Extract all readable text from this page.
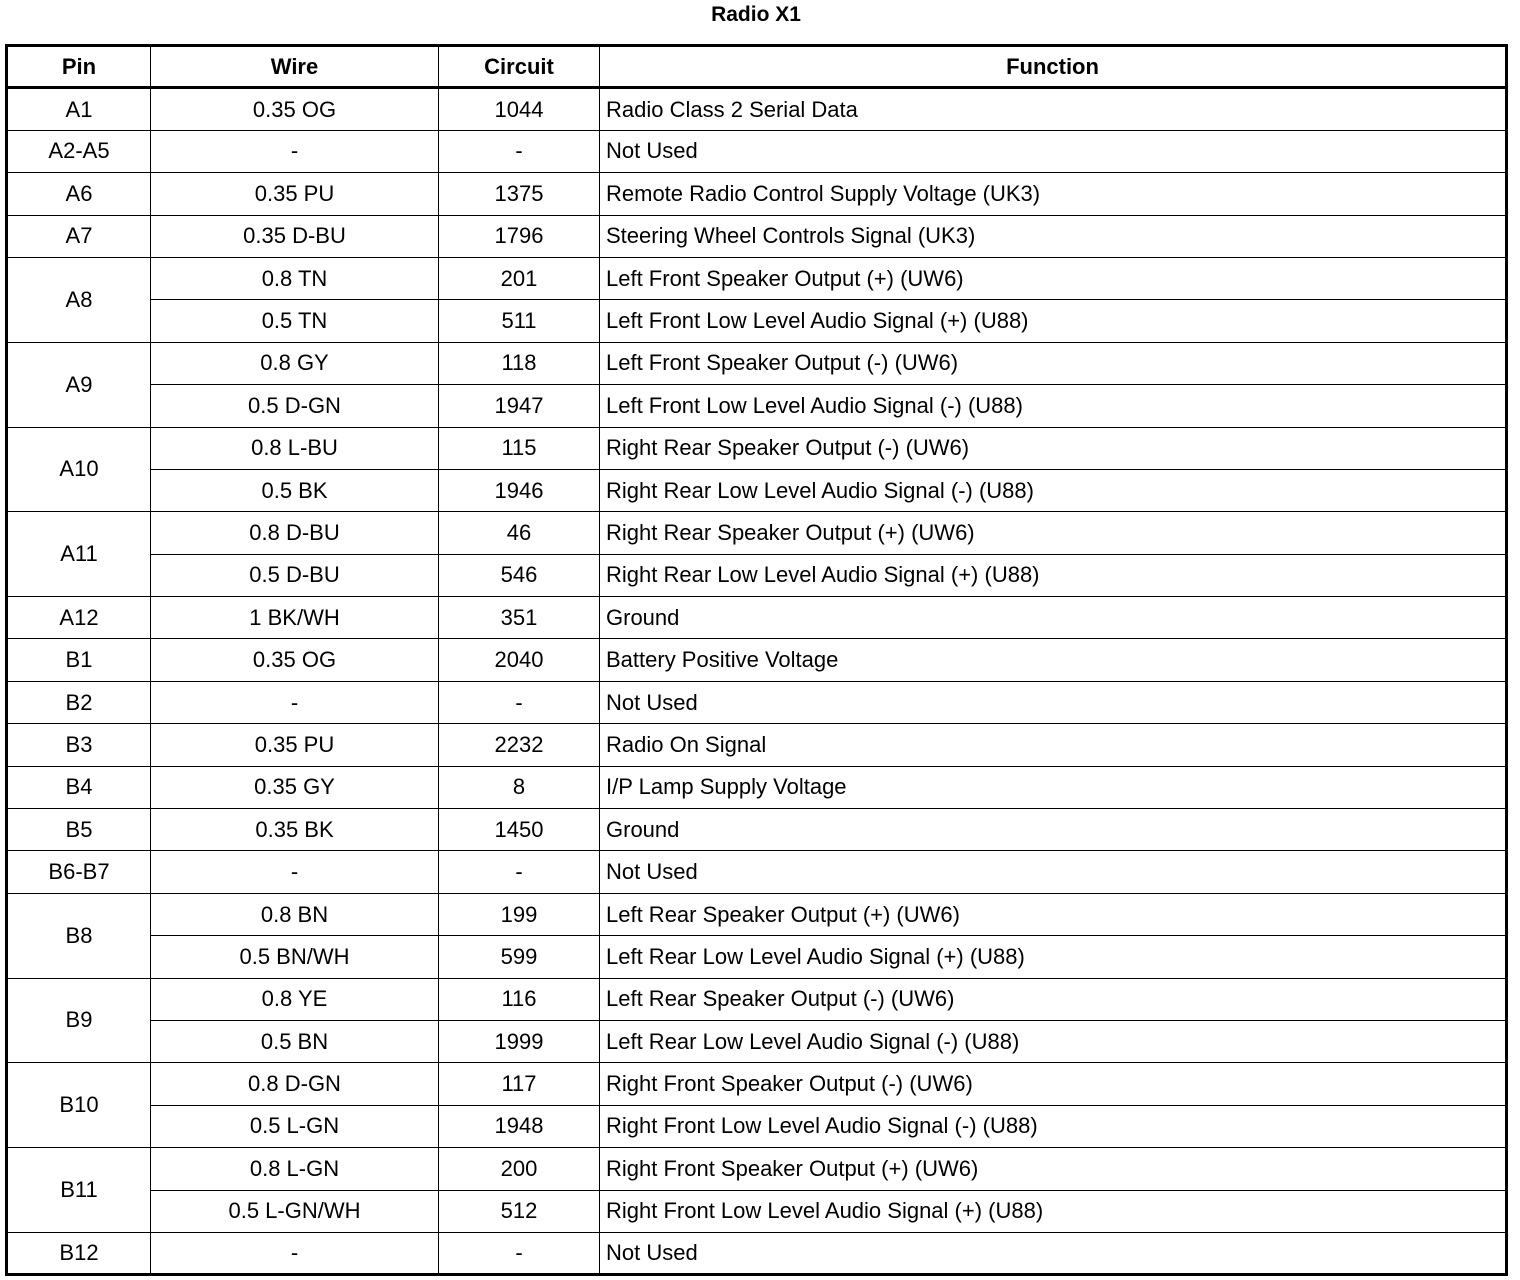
Radio X1
Pin	Wire	Circuit	Function
A1	0.35 OG	1044	Radio Class 2 Serial Data
A2-A5	-	-	Not Used
A6	0.35 PU	1375	Remote Radio Control Supply Voltage (UK3)
A7	0.35 D-BU	1796	Steering Wheel Controls Signal (UK3)
A8	0.8 TN	201	Left Front Speaker Output (+) (UW6)
	0.5 TN	511	Left Front Low Level Audio Signal (+) (U88)
A9	0.8 GY	118	Left Front Speaker Output (-) (UW6)
	0.5 D-GN	1947	Left Front Low Level Audio Signal (-) (U88)
A10	0.8 L-BU	115	Right Rear Speaker Output (-) (UW6)
	0.5 BK	1946	Right Rear Low Level Audio Signal (-) (U88)
A11	0.8 D-BU	46	Right Rear Speaker Output (+) (UW6)
	0.5 D-BU	546	Right Rear Low Level Audio Signal (+) (U88)
A12	1 BK/WH	351	Ground
B1	0.35 OG	2040	Battery Positive Voltage
B2	-	-	Not Used
B3	0.35 PU	2232	Radio On Signal
B4	0.35 GY	8	I/P Lamp Supply Voltage
B5	0.35 BK	1450	Ground
B6-B7	-	-	Not Used
B8	0.8 BN	199	Left Rear Speaker Output (+) (UW6)
	0.5 BN/WH	599	Left Rear Low Level Audio Signal (+) (U88)
B9	0.8 YE	116	Left Rear Speaker Output (-) (UW6)
	0.5 BN	1999	Left Rear Low Level Audio Signal (-) (U88)
B10	0.8 D-GN	117	Right Front Speaker Output (-) (UW6)
	0.5 L-GN	1948	Right Front Low Level Audio Signal (-) (U88)
B11	0.8 L-GN	200	Right Front Speaker Output (+) (UW6)
	0.5 L-GN/WH	512	Right Front Low Level Audio Signal (+) (U88)
B12	-	-	Not Used
